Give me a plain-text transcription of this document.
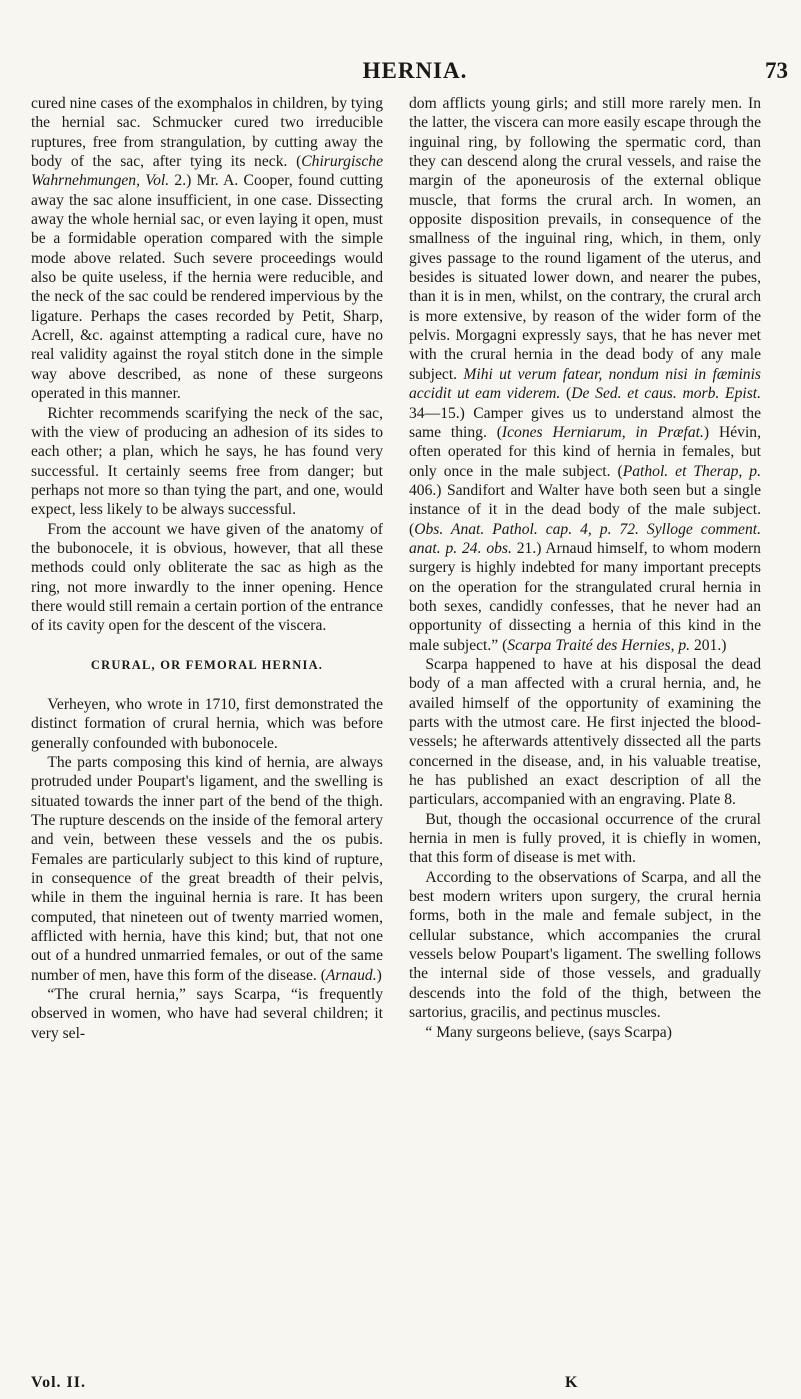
HERNIA.	73

cured nine cases of the exomphalos in children, by tying the hernial sac. Schmucker cured two irreducible ruptures, free from strangulation, by cutting away the body of the sac, after tying its neck. (Chirurgische Wahrnehmungen, Vol. 2.) Mr. A. Cooper, found cutting away the sac alone insufficient, in one case. Dissecting away the whole hernial sac, or even laying it open, must be a formidable operation compared with the simple mode above related. Such severe proceedings would also be quite useless, if the hernia were reducible, and the neck of the sac could be rendered impervious by the ligature. Perhaps the cases recorded by Petit, Sharp, Acrell, &c. against attempting a radical cure, have no real validity against the royal stitch done in the simple way above described, as none of these surgeons operated in this manner.

Richter recommends scarifying the neck of the sac, with the view of producing an adhesion of its sides to each other; a plan, which he says, he has found very successful. It certainly seems free from danger; but perhaps not more so than tying the part, and one, would expect, less likely to be always successful.

From the account we have given of the anatomy of the bubonocele, it is obvious, however, that all these methods could only obliterate the sac as high as the ring, not more inwardly to the inner opening. Hence there would still remain a certain portion of the entrance of its cavity open for the descent of the viscera.

CRURAL, OR FEMORAL HERNIA.

Verheyen, who wrote in 1710, first demonstrated the distinct formation of crural hernia, which was before generally confounded with bubonocele.

The parts composing this kind of hernia, are always protruded under Poupart's ligament, and the swelling is situated towards the inner part of the bend of the thigh. The rupture descends on the inside of the femoral artery and vein, between these vessels and the os pubis. Females are particularly subject to this kind of rupture, in consequence of the great breadth of their pelvis, while in them the inguinal hernia is rare. It has been computed, that nineteen out of twenty married women, afflicted with hernia, have this kind; but, that not one out of a hundred unmarried females, or out of the same number of men, have this form of the disease. (Arnaud.)

“The crural hernia,” says Scarpa, “is frequently observed in women, who have had several children; it very sel-

dom afflicts young girls; and still more rarely men. In the latter, the viscera can more easily escape through the inguinal ring, by following the spermatic cord, than they can descend along the crural vessels, and raise the margin of the aponeurosis of the external oblique muscle, that forms the crural arch. In women, an opposite disposition prevails, in consequence of the smallness of the inguinal ring, which, in them, only gives passage to the round ligament of the uterus, and besides is situated lower down, and nearer the pubes, than it is in men, whilst, on the contrary, the crural arch is more extensive, by reason of the wider form of the pelvis. Morgagni expressly says, that he has never met with the crural hernia in the dead body of any male subject. Mihi ut verum fatear, nondum nisi in fæminis accidit ut eam viderem. (De Sed. et caus. morb. Epist. 34—15.) Camper gives us to understand almost the same thing. (Icones Herniarum, in Præfat.) Hévin, often operated for this kind of hernia in females, but only once in the male subject. (Pathol. et Therap, p. 406.) Sandifort and Walter have both seen but a single instance of it in the dead body of the male subject. (Obs. Anat. Pathol. cap. 4, p. 72. Sylloge comment. anat. p. 24. obs. 21.) Arnaud himself, to whom modern surgery is highly indebted for many important precepts on the operation for the strangulated crural hernia in both sexes, candidly confesses, that he never had an opportunity of dissecting a hernia of this kind in the male subject.” (Scarpa Traité des Hernies, p. 201.)

Scarpa happened to have at his disposal the dead body of a man affected with a crural hernia, and, he availed himself of the opportunity of examining the parts with the utmost care. He first injected the blood-vessels; he afterwards attentively dissected all the parts concerned in the disease, and, in his valuable treatise, he has published an exact description of all the particulars, accompanied with an engraving. Plate 8.

But, though the occasional occurrence of the crural hernia in men is fully proved, it is chiefly in women, that this form of disease is met with.

According to the observations of Scarpa, and all the best modern writers upon surgery, the crural hernia forms, both in the male and female subject, in the cellular substance, which accompanies the crural vessels below Poupart's ligament. The swelling follows the internal side of those vessels, and gradually descends into the fold of the thigh, between the sartorius, gracilis, and pectinus muscles.

“ Many surgeons believe, (says Scarpa)

Vol. II.	K
